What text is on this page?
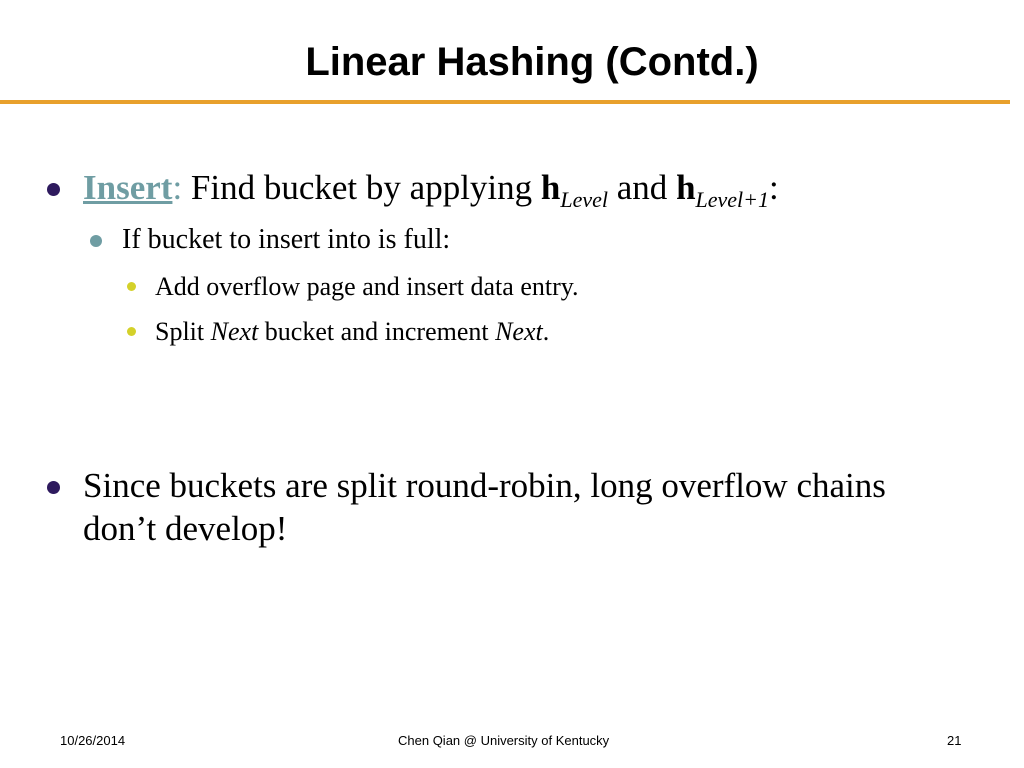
Linear Hashing (Contd.)
Insert: Find bucket by applying $h_{Level}$ and $h_{Level+1}$:
If bucket to insert into is full:
Add overflow page and insert data entry.
Split Next bucket and increment Next.
Since buckets are split round-robin, long overflow chains
don’t develop!
10/26/2014	Chen Qian @ University of Kentucky	21
